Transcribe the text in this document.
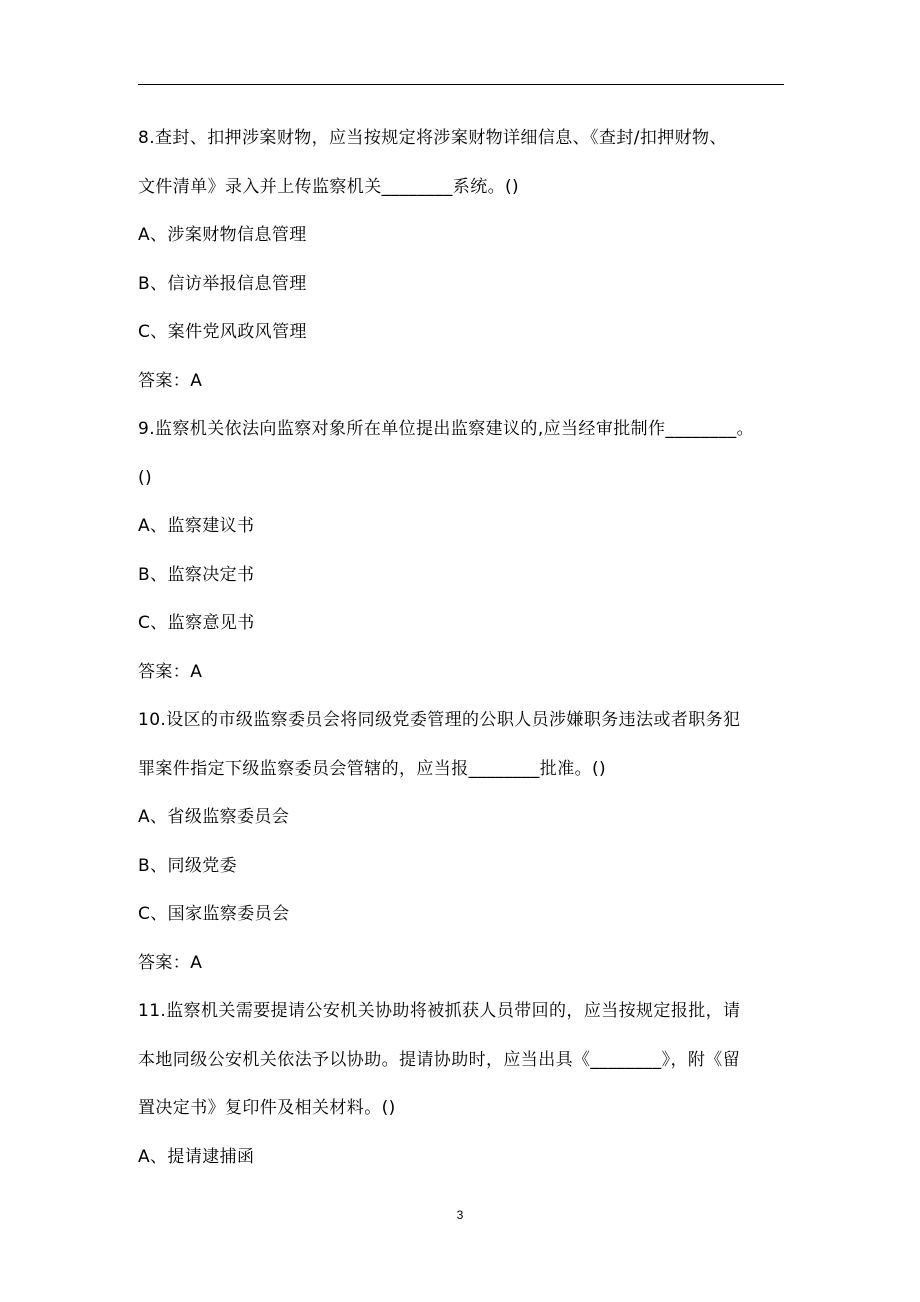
8.查封、扣押涉案财物，应当按规定将涉案财物详细信息、《查封/扣押财物、
文件清单》录入并上传监察机关________系统。()
A、涉案财物信息管理
B、信访举报信息管理
C、案件党风政风管理
答案：A
9.监察机关依法向监察对象所在单位提出监察建议的,应当经审批制作________。
()
A、监察建议书
B、监察决定书
C、监察意见书
答案：A
10.设区的市级监察委员会将同级党委管理的公职人员涉嫌职务违法或者职务犯
罪案件指定下级监察委员会管辖的，应当报________批准。()
A、省级监察委员会
B、同级党委
C、国家监察委员会
答案：A
11.监察机关需要提请公安机关协助将被抓获人员带回的，应当按规定报批，请
本地同级公安机关依法予以协助。提请协助时，应当出具《________》，附《留
置决定书》复印件及相关材料。()
A、提请逮捕函
3
